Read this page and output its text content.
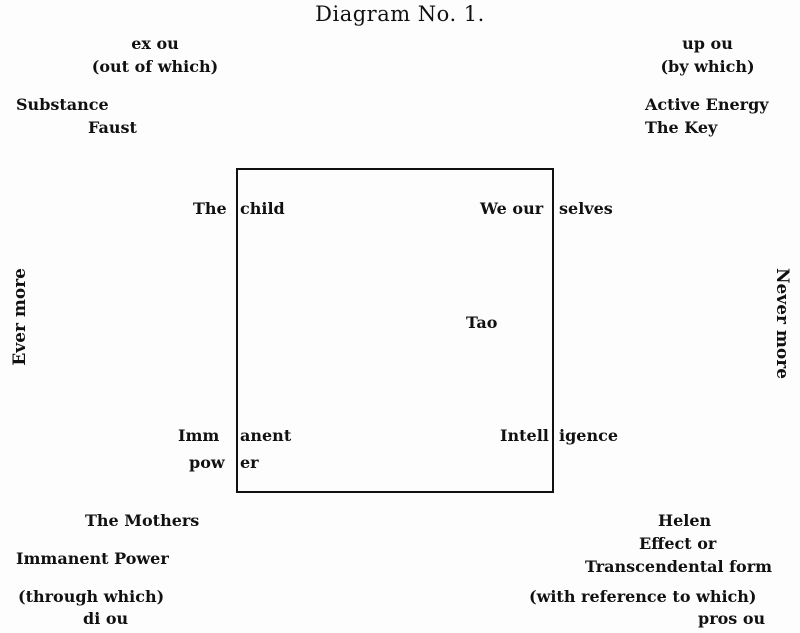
Diagram No. 1.
ex ou
(out of which)
Substance
Faust
up ou
(by which)
Active Energy
The Key
Ever more	Never more
The child	We our selves
Tao
Imm anent
pow er
Intell igence
The Mothers
Immanent Power
(through which)
di ou
Helen
Effect or
Transcendental form
(with reference to which)
pros ou
